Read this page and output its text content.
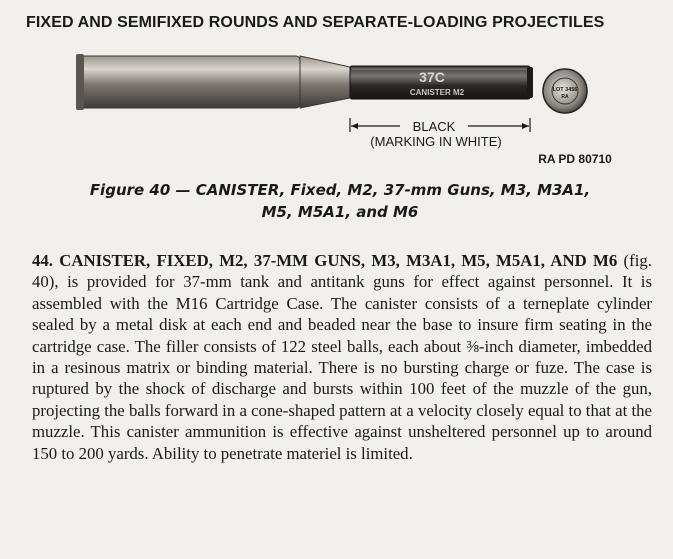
FIXED AND SEMIFIXED ROUNDS AND SEPARATE-LOADING PROJECTILES
37C
CANISTER M2	LOT 3456
RA
BLACK
(MARKING IN WHITE)
RA PD 80710
Figure 40 — CANISTER, Fixed, M2, 37-mm Guns, M3, M3A1,
M5, M5A1, and M6
44. CANISTER, FIXED, M2, 37-MM GUNS, M3, M3A1, M5, M5A1, AND M6 (fig. 40), is provided for 37-mm tank and antitank guns for effect against personnel. It is assembled with the M16 Cartridge Case. The canister consists of a terneplate cylinder sealed by a metal disk at each end and beaded near the base to insure firm seating in the cartridge case. The filler consists of 122 steel balls, each about ⅜-inch diameter, imbedded in a resinous matrix or binding material. There is no bursting charge or fuze. The case is ruptured by the shock of discharge and bursts within 100 feet of the muzzle of the gun, projecting the balls forward in a cone-shaped pattern at a velocity closely equal to that at the muzzle. This canister ammunition is effective against unsheltered personnel up to around 150 to 200 yards. Ability to penetrate materiel is limited.
